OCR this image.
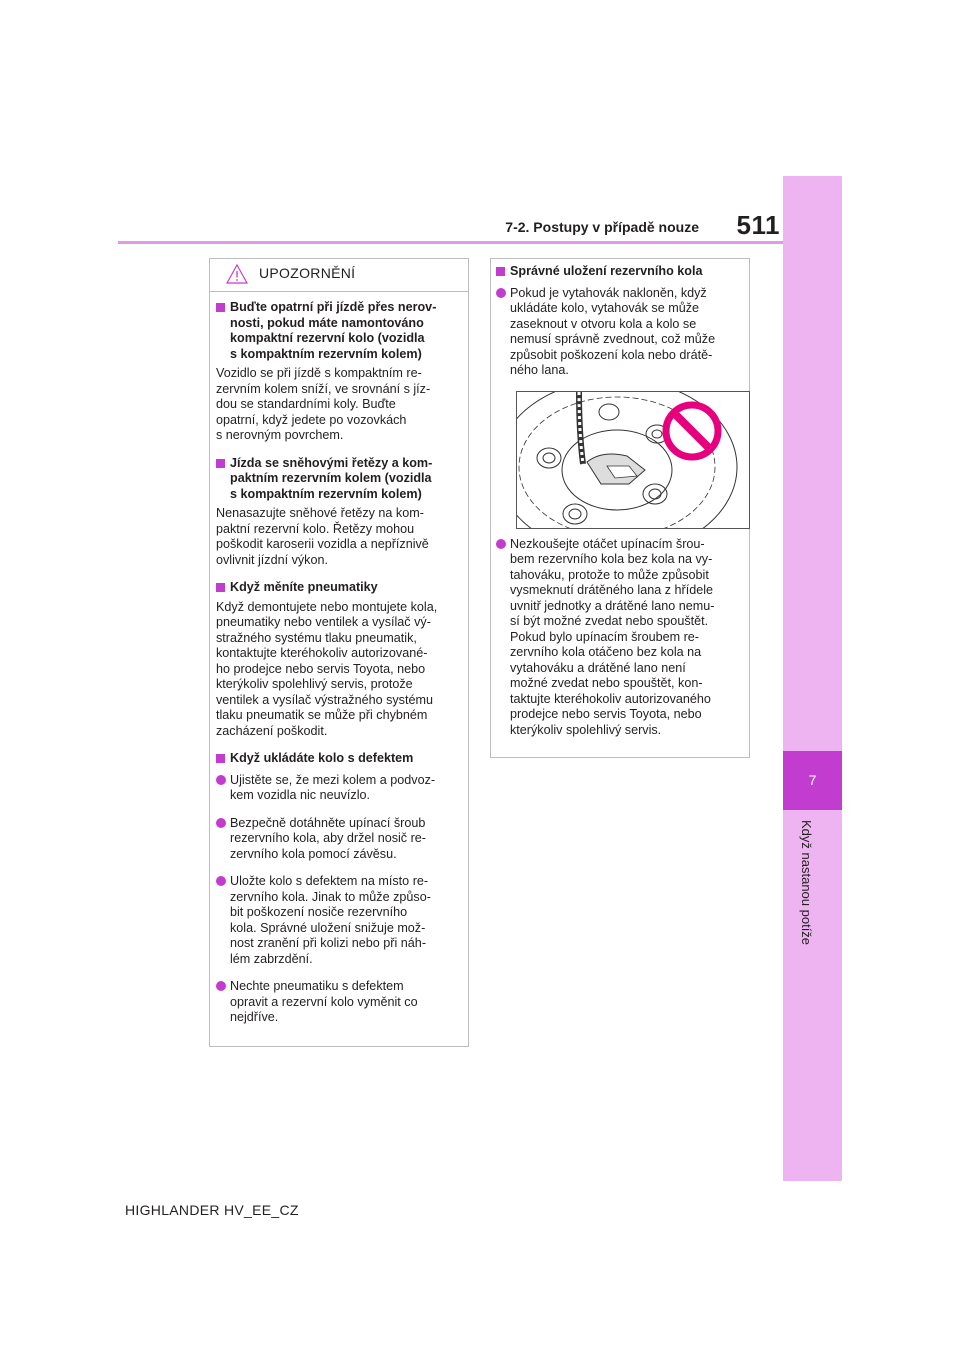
7
Když nastanou potíže
7-2. Postupy v případě nouze	511
UPOZORNĚNÍ
Buďte opatrní při jízdě přes nerov-
nosti, pokud máte namontováno
kompaktní rezervní kolo (vozidla
s kompaktním rezervním kolem)
Vozidlo se při jízdě s kompaktním re-
zervním kolem sníží, ve srovnání s jíz-
dou se standardními koly. Buďte
opatrní, když jedete po vozovkách
s nerovným povrchem.
Jízda se sněhovými řetězy a kom-
paktním rezervním kolem (vozidla
s kompaktním rezervním kolem)
Nenasazujte sněhové řetězy na kom-
paktní rezervní kolo. Řetězy mohou
poškodit karoserii vozidla a nepříznivě
ovlivnit jízdní výkon.
Když měníte pneumatiky
Když demontujete nebo montujete kola,
pneumatiky nebo ventilek a vysílač vý-
stražného systému tlaku pneumatik,
kontaktujte kteréhokoliv autorizované-
ho prodejce nebo servis Toyota, nebo
kterýkoliv spolehlivý servis, protože
ventilek a vysílač výstražného systému
tlaku pneumatik se může při chybném
zacházení poškodit.
Když ukládáte kolo s defektem
Ujistěte se, že mezi kolem a podvoz-
kem vozidla nic neuvízlo.
Bezpečně dotáhněte upínací šroub
rezervního kola, aby držel nosič re-
zervního kola pomocí závěsu.
Uložte kolo s defektem na místo re-
zervního kola. Jinak to může způso-
bit poškození nosiče rezervního
kola. Správné uložení snižuje mož-
nost zranění při kolizi nebo při náh-
lém zabrzdění.
Nechte pneumatiku s defektem
opravit a rezervní kolo vyměnit co
nejdříve.
Správné uložení rezervního kola
Pokud je vytahovák nakloněn, když
ukládáte kolo, vytahovák se může
zaseknout v otvoru kola a kolo se
nemusí správně zvednout, což může
způsobit poškození kola nebo drátě-
ného lana.
Nezkoušejte otáčet upínacím šrou-
bem rezervního kola bez kola na vy-
tahováku, protože to může způsobit
vysmeknutí drátěného lana z hřídele
uvnitř jednotky a drátěné lano nemu-
sí být možné zvedat nebo spouštět.
Pokud bylo upínacím šroubem re-
zervního kola otáčeno bez kola na
vytahováku a drátěné lano není
možné zvedat nebo spouštět, kon-
taktujte kteréhokoliv autorizovaného
prodejce nebo servis Toyota, nebo
kterýkoliv spolehlivý servis.
HIGHLANDER HV_EE_CZ
